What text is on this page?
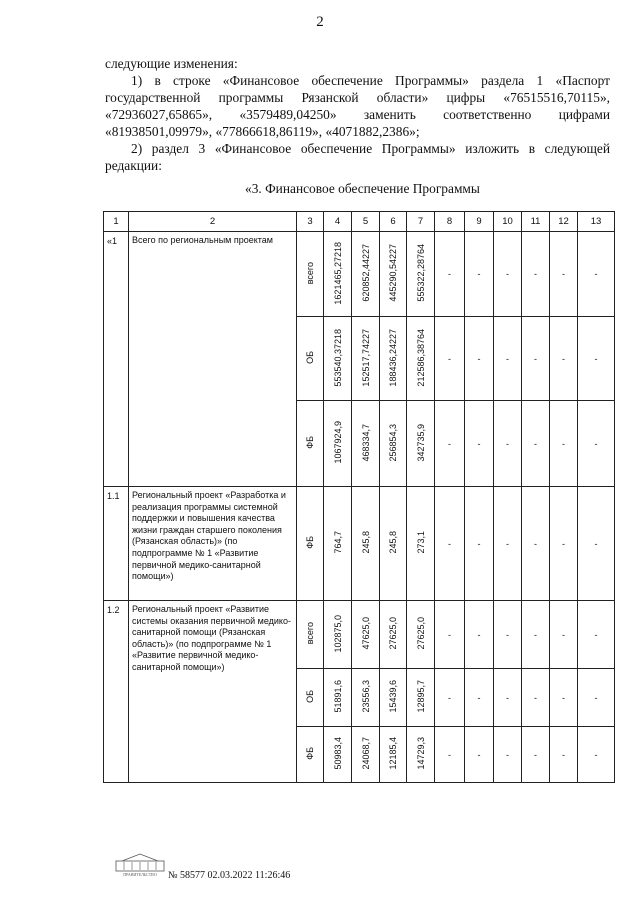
2

следующие изменения:

1) в строке «Финансовое обеспечение Программы» раздела 1 «Паспорт государственной программы Рязанской области» цифры «76515516,70115», «72936027,65865», «3579489,04250» заменить соответственно цифрами «81938501,09979», «77866618,86119», «4071882,2386»;

2) раздел 3 «Финансовое обеспечение Программы» изложить в следующей редакции:

«3. Финансовое обеспечение Программы
1	2	3	4	5	6	7	8	9	10	11	12	13
«1	Всего по региональным проектам	всего	1621465,27218	620852,44227	445290,54227	555322,28764	-	-	-	-	-	-
		ОБ	553540,37218	152517,74227	188436,24227	212586,38764	-	-	-	-	-	-
		ФБ	1067924,9	468334,7	256854,3	342735,9	-	-	-	-	-	-
1.1	Региональный проект «Разработка и реализация программы системной поддержки и повышения качества жизни граждан старшего поколения (Рязанская область)» (по подпрограмме № 1 «Развитие первичной медико-санитарной помощи»)	ФБ	764,7	245,8	245,8	273,1	-	-	-	-	-	-
1.2	Региональный проект «Развитие системы оказания первичной медико-санитарной помощи (Рязанская область)» (по подпрограмме № 1 «Развитие первичной медико-санитарной помощи»)	всего	102875,0	47625,0	27625,0	27625,0	-	-	-	-	-	-
		ОБ	51891,6	23556,3	15439,6	12895,7	-	-	-	-	-	-
		ФБ	50983,4	24068,7	12185,4	14729,3	-	-	-	-	-	-
ПРАВИТЕЛЬСТВО № 58577 02.03.2022 11:26:46
